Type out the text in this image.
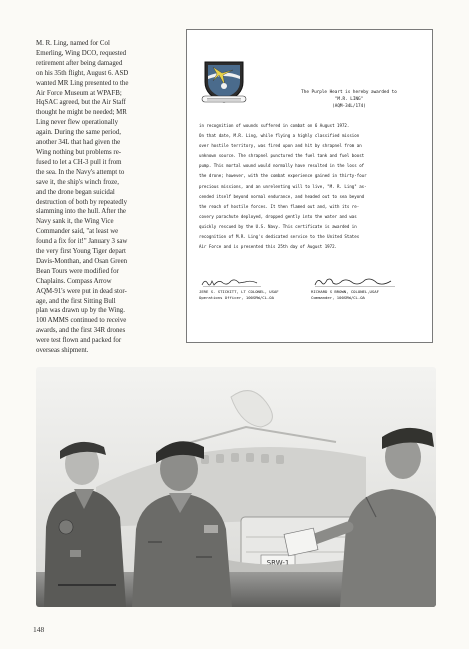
M. R. Ling, named for Col

Emerling, Wing DCO, requested

retirement after being damaged

on his 35th flight, August 6. ASD

wanted MR Ling presented to the

Air Force Museum at WPAFB;

HqSAC agreed, but the Air Staff

thought he might be needed; MR

Ling never flew operationally

again. During the same period,

another 34L that had given the

Wing nothing but problems re-

fused to let a CH-3 pull it from

the sea. In the Navy's attempt to

save it, the ship's winch froze,

and the drone began suicidal

destruction of both by repeatedly

slamming into the hull. After the

Navy sank it, the Wing Vice

Commander said, "at least we

found a fix for it!" January 3 saw

the very first Young Tiger depart

Davis-Monthan, and Osan Green

Bean Tours were modified for

Chaplains. Compass Arrow

AQM-91's were put in dead stor-

age, and the first Sitting Bull

plan was drawn up by the Wing.

100 AMMS continued to receive

awards, and the first 34R drones

were test flown and packed for

overseas shipment.

The Purple Heart is hereby awarded to
"M.R. LING"
(AQM-34L/174)

in recognition of wounds suffered in combat on 6 August 1972.

On that date, M.R. Ling, while flying a highly classified mission

over hostile territory, was fired upon and hit by shrapnel from an

unknown source. The shrapnel punctured the fuel tank and fuel boost

pump. This mortal wound would normally have resulted in the loss of

the drone; however, with the combat experience gained in thirty-four

precious missions, and an unrelenting will to live, "M. R. Ling" as-

cended itself beyond normal endurance, and headed out to sea beyond

the reach of hostile forces. It then flamed out and, with its re-

covery parachute deployed, dropped gently into the water and was

quickly rescued by the U.S. Navy. This certificate is awarded in

recognition of M.R. Ling's dedicated service to the United States

Air Force and is presented this 25th day of August 1972.

JERE S. STICKITT, LT COLONEL, USAF
Operations Officer, 100SRW/CL-OA
RICHARD S BROWN, COLONEL,USAF
Commander, 100SRW/CL-OA
SRW-1
148
